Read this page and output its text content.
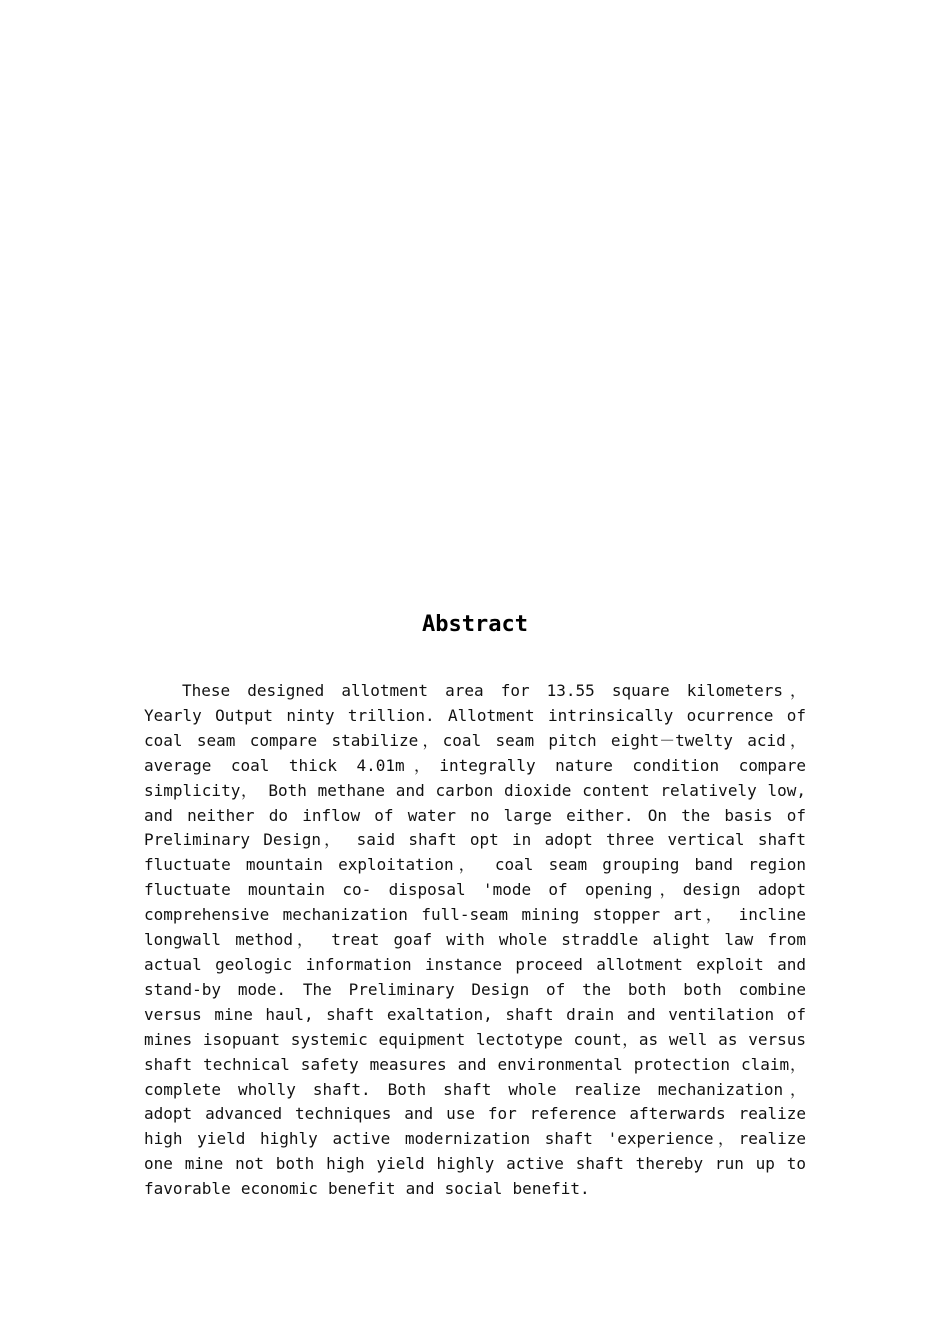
Abstract

These designed allotment area for 13.55 square kilometers，Yearly Output ninty trillion. Allotment intrinsically ocurrence of coal seam compare stabilize，coal seam pitch eight－twelty acid，average coal thick 4.01m，integrally nature condition compare simplicity， Both methane and carbon dioxide content relatively low, and neither do inflow of water no large either. On the basis of Preliminary Design， said shaft opt in adopt three vertical shaft fluctuate mountain exploitation， coal seam grouping band region fluctuate mountain co- disposal 'mode of opening，design adopt comprehensive mechanization full-seam mining stopper art， incline longwall method， treat goaf with whole straddle alight law from actual geologic information instance proceed allotment exploit and stand-by mode. The Preliminary Design of the both both combine versus mine haul, shaft exaltation, shaft drain and ventilation of mines isopuant systemic equipment lectotype count，as well as versus shaft technical safety measures and environmental protection claim，complete wholly shaft. Both shaft whole realize mechanization， adopt advanced techniques and use for reference afterwards realize high yield highly active modernization shaft 'experience，realize one mine not both high yield highly active shaft thereby run up to favorable economic benefit and social benefit.
